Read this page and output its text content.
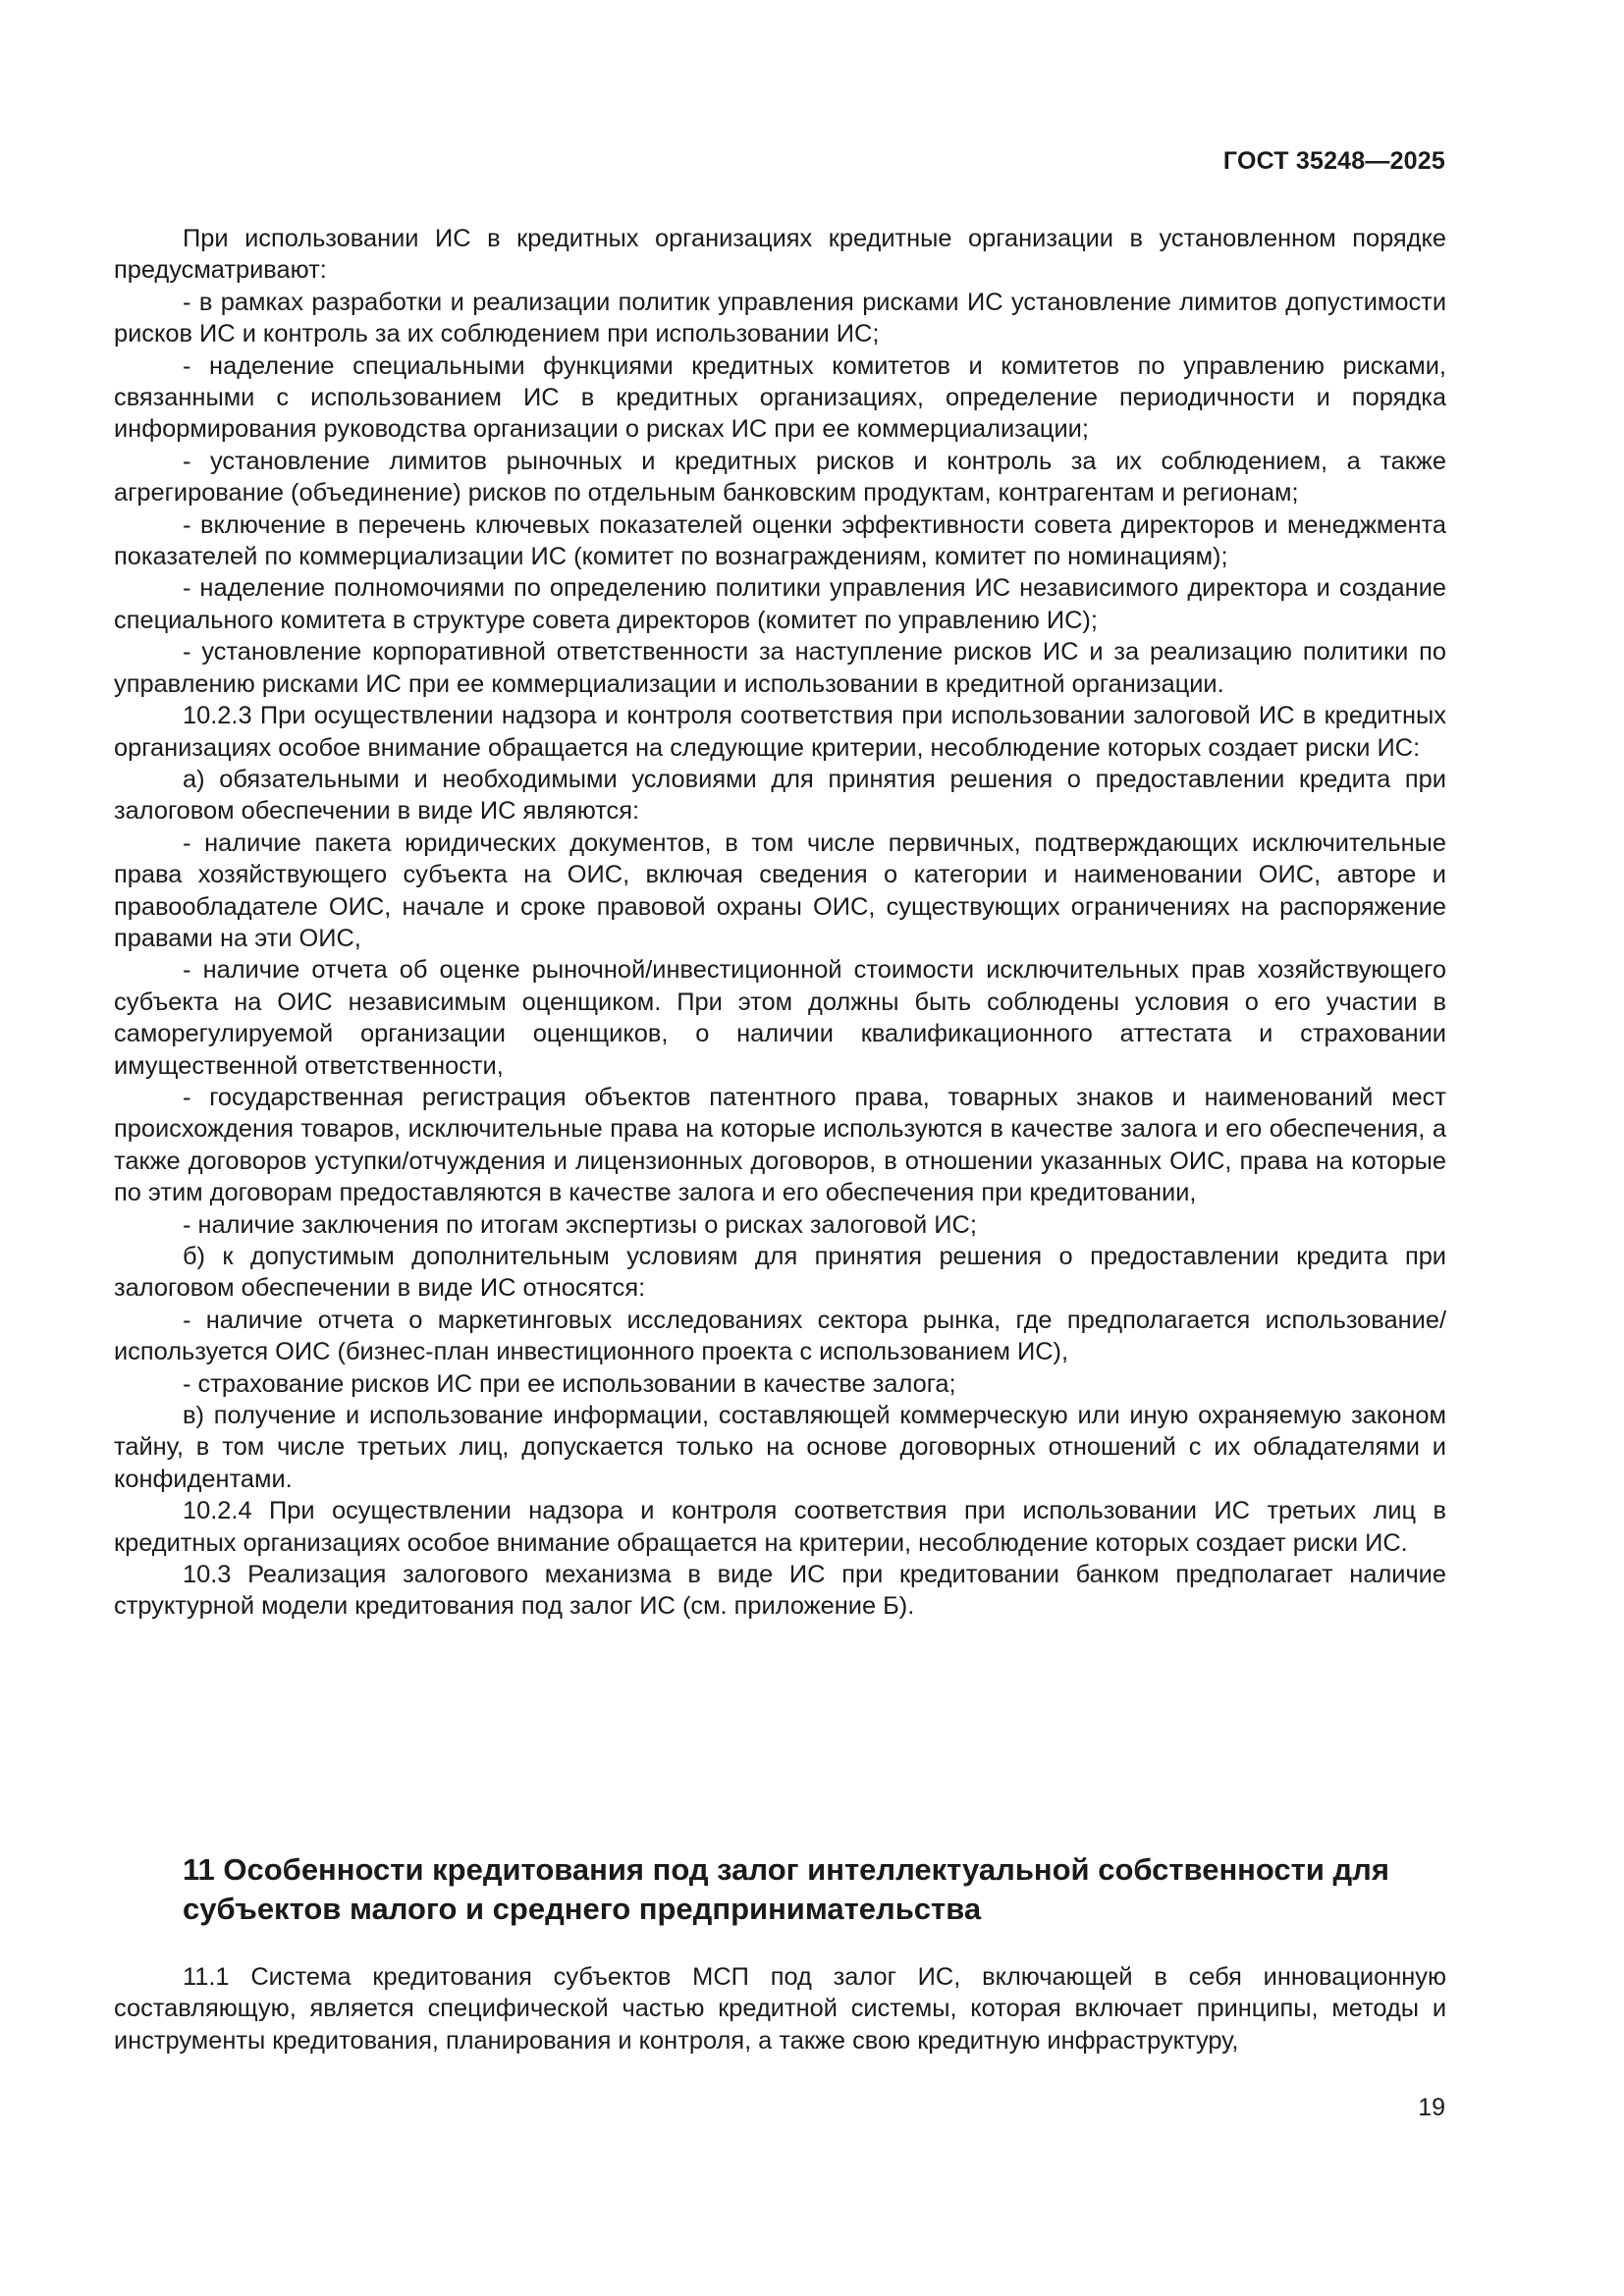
ГОСТ 35248—2025

При использовании ИС в кредитных организациях кредитные организации в установленном порядке предусматривают:

- в рамках разработки и реализации политик управления рисками ИС установление лимитов допустимости рисков ИС и контроль за их соблюдением при использовании ИС;

- наделение специальными функциями кредитных комитетов и комитетов по управлению рисками, связанными с использованием ИС в кредитных организациях, определение периодичности и порядка информирования руководства организации о рисках ИС при ее коммерциализации;

- установление лимитов рыночных и кредитных рисков и контроль за их соблюдением, а также агрегирование (объединение) рисков по отдельным банковским продуктам, контрагентам и регионам;

- включение в перечень ключевых показателей оценки эффективности совета директоров и менеджмента показателей по коммерциализации ИС (комитет по вознаграждениям, комитет по номинациям);

- наделение полномочиями по определению политики управления ИС независимого директора и создание специального комитета в структуре совета директоров (комитет по управлению ИС);

- установление корпоративной ответственности за наступление рисков ИС и за реализацию политики по управлению рисками ИС при ее коммерциализации и использовании в кредитной организации.

10.2.3 При осуществлении надзора и контроля соответствия при использовании залоговой ИС в кредитных организациях особое внимание обращается на следующие критерии, несоблюдение которых создает риски ИС:

а) обязательными и необходимыми условиями для принятия решения о предоставлении кредита при залоговом обеспечении в виде ИС являются:

- наличие пакета юридических документов, в том числе первичных, подтверждающих исключительные права хозяйствующего субъекта на ОИС, включая сведения о категории и наименовании ОИС, авторе и правообладателе ОИС, начале и сроке правовой охраны ОИС, существующих ограничениях на распоряжение правами на эти ОИС,

- наличие отчета об оценке рыночной/инвестиционной стоимости исключительных прав хозяйствующего субъекта на ОИС независимым оценщиком. При этом должны быть соблюдены условия о его участии в саморегулируемой организации оценщиков, о наличии квалификационного аттестата и страховании имущественной ответственности,

- государственная регистрация объектов патентного права, товарных знаков и наименований мест происхождения товаров, исключительные права на которые используются в качестве залога и его обеспечения, а также договоров уступки/отчуждения и лицензионных договоров, в отношении указанных ОИС, права на которые по этим договорам предоставляются в качестве залога и его обеспечения при кредитовании,

- наличие заключения по итогам экспертизы о рисках залоговой ИС;

б) к допустимым дополнительным условиям для принятия решения о предоставлении кредита при залоговом обеспечении в виде ИС относятся:

- наличие отчета о маркетинговых исследованиях сектора рынка, где предполагается использование/используется ОИС (бизнес-план инвестиционного проекта с использованием ИС),

- страхование рисков ИС при ее использовании в качестве залога;

в) получение и использование информации, составляющей коммерческую или иную охраняемую законом тайну, в том числе третьих лиц, допускается только на основе договорных отношений с их обладателями и конфидентами.

10.2.4 При осуществлении надзора и контроля соответствия при использовании ИС третьих лиц в кредитных организациях особое внимание обращается на критерии, несоблюдение которых создает риски ИС.

10.3 Реализация залогового механизма в виде ИС при кредитовании банком предполагает наличие структурной модели кредитования под залог ИС (см. приложение Б).

11 Особенности кредитования под залог интеллектуальной собственности для субъектов малого и среднего предпринимательства

11.1 Система кредитования субъектов МСП под залог ИС, включающей в себя инновационную составляющую, является специфической частью кредитной системы, которая включает принципы, методы и инструменты кредитования, планирования и контроля, а также свою кредитную инфраструктуру,

19
